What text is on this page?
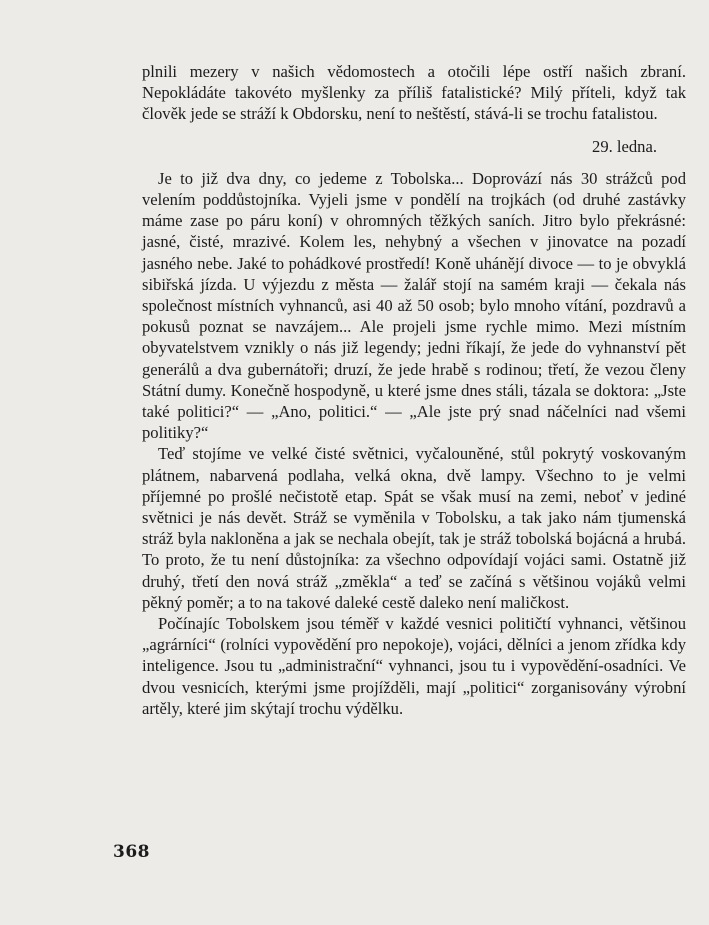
plnili mezery v našich vědomostech a otočili lépe ostří našich zbraní. Nepokládáte takovéto myšlenky za příliš fatalistické? Milý příteli, když tak člověk jede se stráží k Obdorsku, není to neštěstí, stává-li se trochu fatalistou.

29. ledna.

Je to již dva dny, co jedeme z Tobolska... Doprovází nás 30 strážců pod velením poddůstojníka. Vyjeli jsme v pondělí na trojkách (od druhé zastávky máme zase po páru koní) v ohromných těžkých saních. Jitro bylo překrásné: jasné, čisté, mrazivé. Kolem les, nehybný a všechen v jinovatce na pozadí jasného nebe. Jaké to pohádkové prostředí! Koně uhánějí divoce — to je obvyklá sibiřská jízda. U výjezdu z města — žalář stojí na samém kraji — čekala nás společnost místních vyhnanců, asi 40 až 50 osob; bylo mnoho vítání, pozdravů a pokusů poznat se navzájem... Ale projeli jsme rychle mimo. Mezi místním obyvatelstvem vznikly o nás již legendy; jedni říkají, že jede do vyhnanství pět generálů a dva gubernátoři; druzí, že jede hrabě s rodinou; třetí, že vezou členy Státní dumy. Konečně hospodyně, u které jsme dnes stáli, tázala se doktora: „Jste také politici?“ — „Ano, politici.“ — „Ale jste prý snad náčelníci nad všemi politiky?“

Teď stojíme ve velké čisté světnici, vyčalouněné, stůl pokrytý voskovaným plátnem, nabarvená podlaha, velká okna, dvě lampy. Všechno to je velmi příjemné po prošlé nečistotě etap. Spát se však musí na zemi, neboť v jediné světnici je nás devět. Stráž se vyměnila v Tobolsku, a tak jako nám tjumenská stráž byla nakloněna a jak se nechala obejít, tak je stráž tobolská bojácná a hrubá. To proto, že tu není důstojníka: za všechno odpovídají vojáci sami. Ostatně již druhý, třetí den nová stráž „změkla“ a teď se začíná s většinou vojáků velmi pěkný poměr; a to na takové daleké cestě daleko není maličkost.

Počínajíc Tobolskem jsou téměř v každé vesnici političtí vyhnanci, většinou „agrárníci“ (rolníci vypovědění pro nepokoje), vojáci, dělníci a jenom zřídka kdy inteligence. Jsou tu „administrační“ vyhnanci, jsou tu i vypovědění-osadníci. Ve dvou vesnicích, kterými jsme projížděli, mají „politici“ zorganisovány výrobní artěly, které jim skýtají trochu výdělku.

368
